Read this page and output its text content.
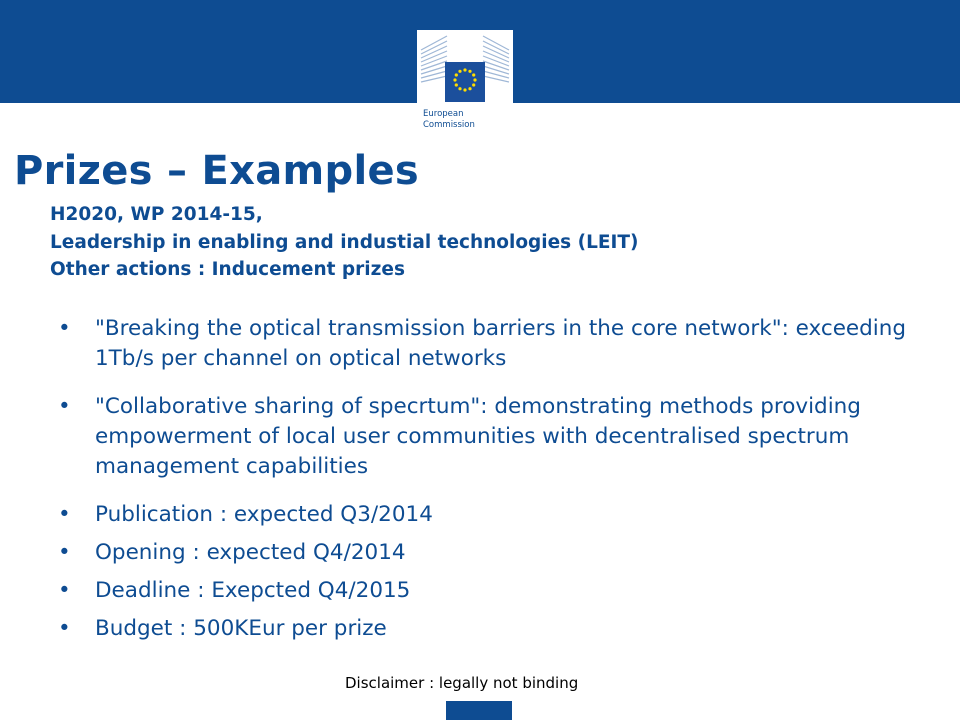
European
Commission
Prizes – Examples
H2020, WP 2014-15,
Leadership in enabling and industial technologies (LEIT)
Other actions : Inducement prizes
• "Breaking the optical transmission barriers in the core network": exceeding 1Tb/s per channel on optical networks
• "Collaborative sharing of specrtum": demonstrating methods providing empowerment of local user communities with decentralised spectrum management capabilities
• Publication : expected Q3/2014
• Opening : expected Q4/2014
• Deadline : Exepcted Q4/2015
• Budget : 500KEur per prize
Disclaimer : legally not binding
